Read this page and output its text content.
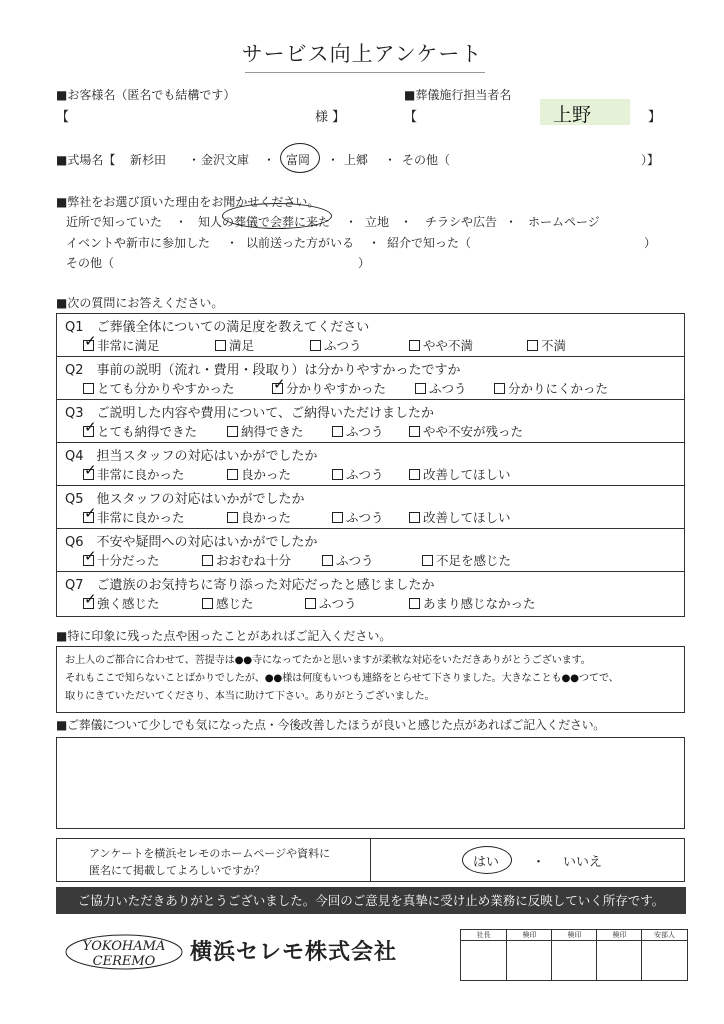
サービス向上アンケート
■お客様名（匿名でも結構です）
【	様 】
■葬儀施行担当者名
【	上野	】
■式場名【 新杉田 ・ 金沢文庫 ・ 富岡 ・ 上郷 ・ その他（	）】
■弊社をお選び頂いた理由をお聞かせください。
近所で知っていた ・ 知人の葬儀で会葬に来た ・ 立地 ・ チラシや広告 ・ ホームページ
イベントや新市に参加した ・ 以前送った方がいる ・ 紹介で知った（	）
その他（	）
■次の質問にお答えください。
Q1　ご葬儀全体についての満足度を教えてください
✓非常に満足	満足	ふつう	やや不満	不満
Q2　事前の説明（流れ・費用・段取り）は分かりやすかったですか
とても分かりやすかった
✓	分かりやすかった	ふつう	分かりにくかった
Q3　ご説明した内容や費用について、ご納得いただけましたか
✓とても納得できた	納得できた	ふつう	やや不安が残った
Q4　担当スタッフの対応はいかがでしたか
✓非常に良かった	良かった	ふつう	改善してほしい
Q5　他スタッフの対応はいかがでしたか
✓非常に良かった	良かった	ふつう	改善してほしい
Q6　不安や疑問への対応はいかがでしたか
✓十分だった	おおむね十分	ふつう	不足を感じた
Q7　ご遺族のお気持ちに寄り添った対応だったと感じましたか
✓強く感じた	感じた	ふつう	あまり感じなかった
■特に印象に残った点や困ったことがあればご記入ください。
お上人のご都合に合わせて、菩提寺は●●寺になってたかと思いますが柔軟な対応をいただきありがとうございます。
それもここで知らないことばかりでしたが、●●様は何度もいつも連絡をとらせて下さりました。大きなことも●●つてで、
取りにきていただいてくださり、本当に助けて下さい。ありがとうございました。
■ご葬儀について少しでも気になった点・今後改善したほうが良いと感じた点があればご記入ください。
アンケートを横浜セレモのホームページや資料に
匿名にて掲載してよろしいですか？
はい	・ いいえ
ご協力いただきありがとうございました。今回のご意見を真摯に受け止め業務に反映していく所存です。
YOKOHAMA
CEREMO 横浜セレモ株式会社
社長	検印	検印	検印	安部人
